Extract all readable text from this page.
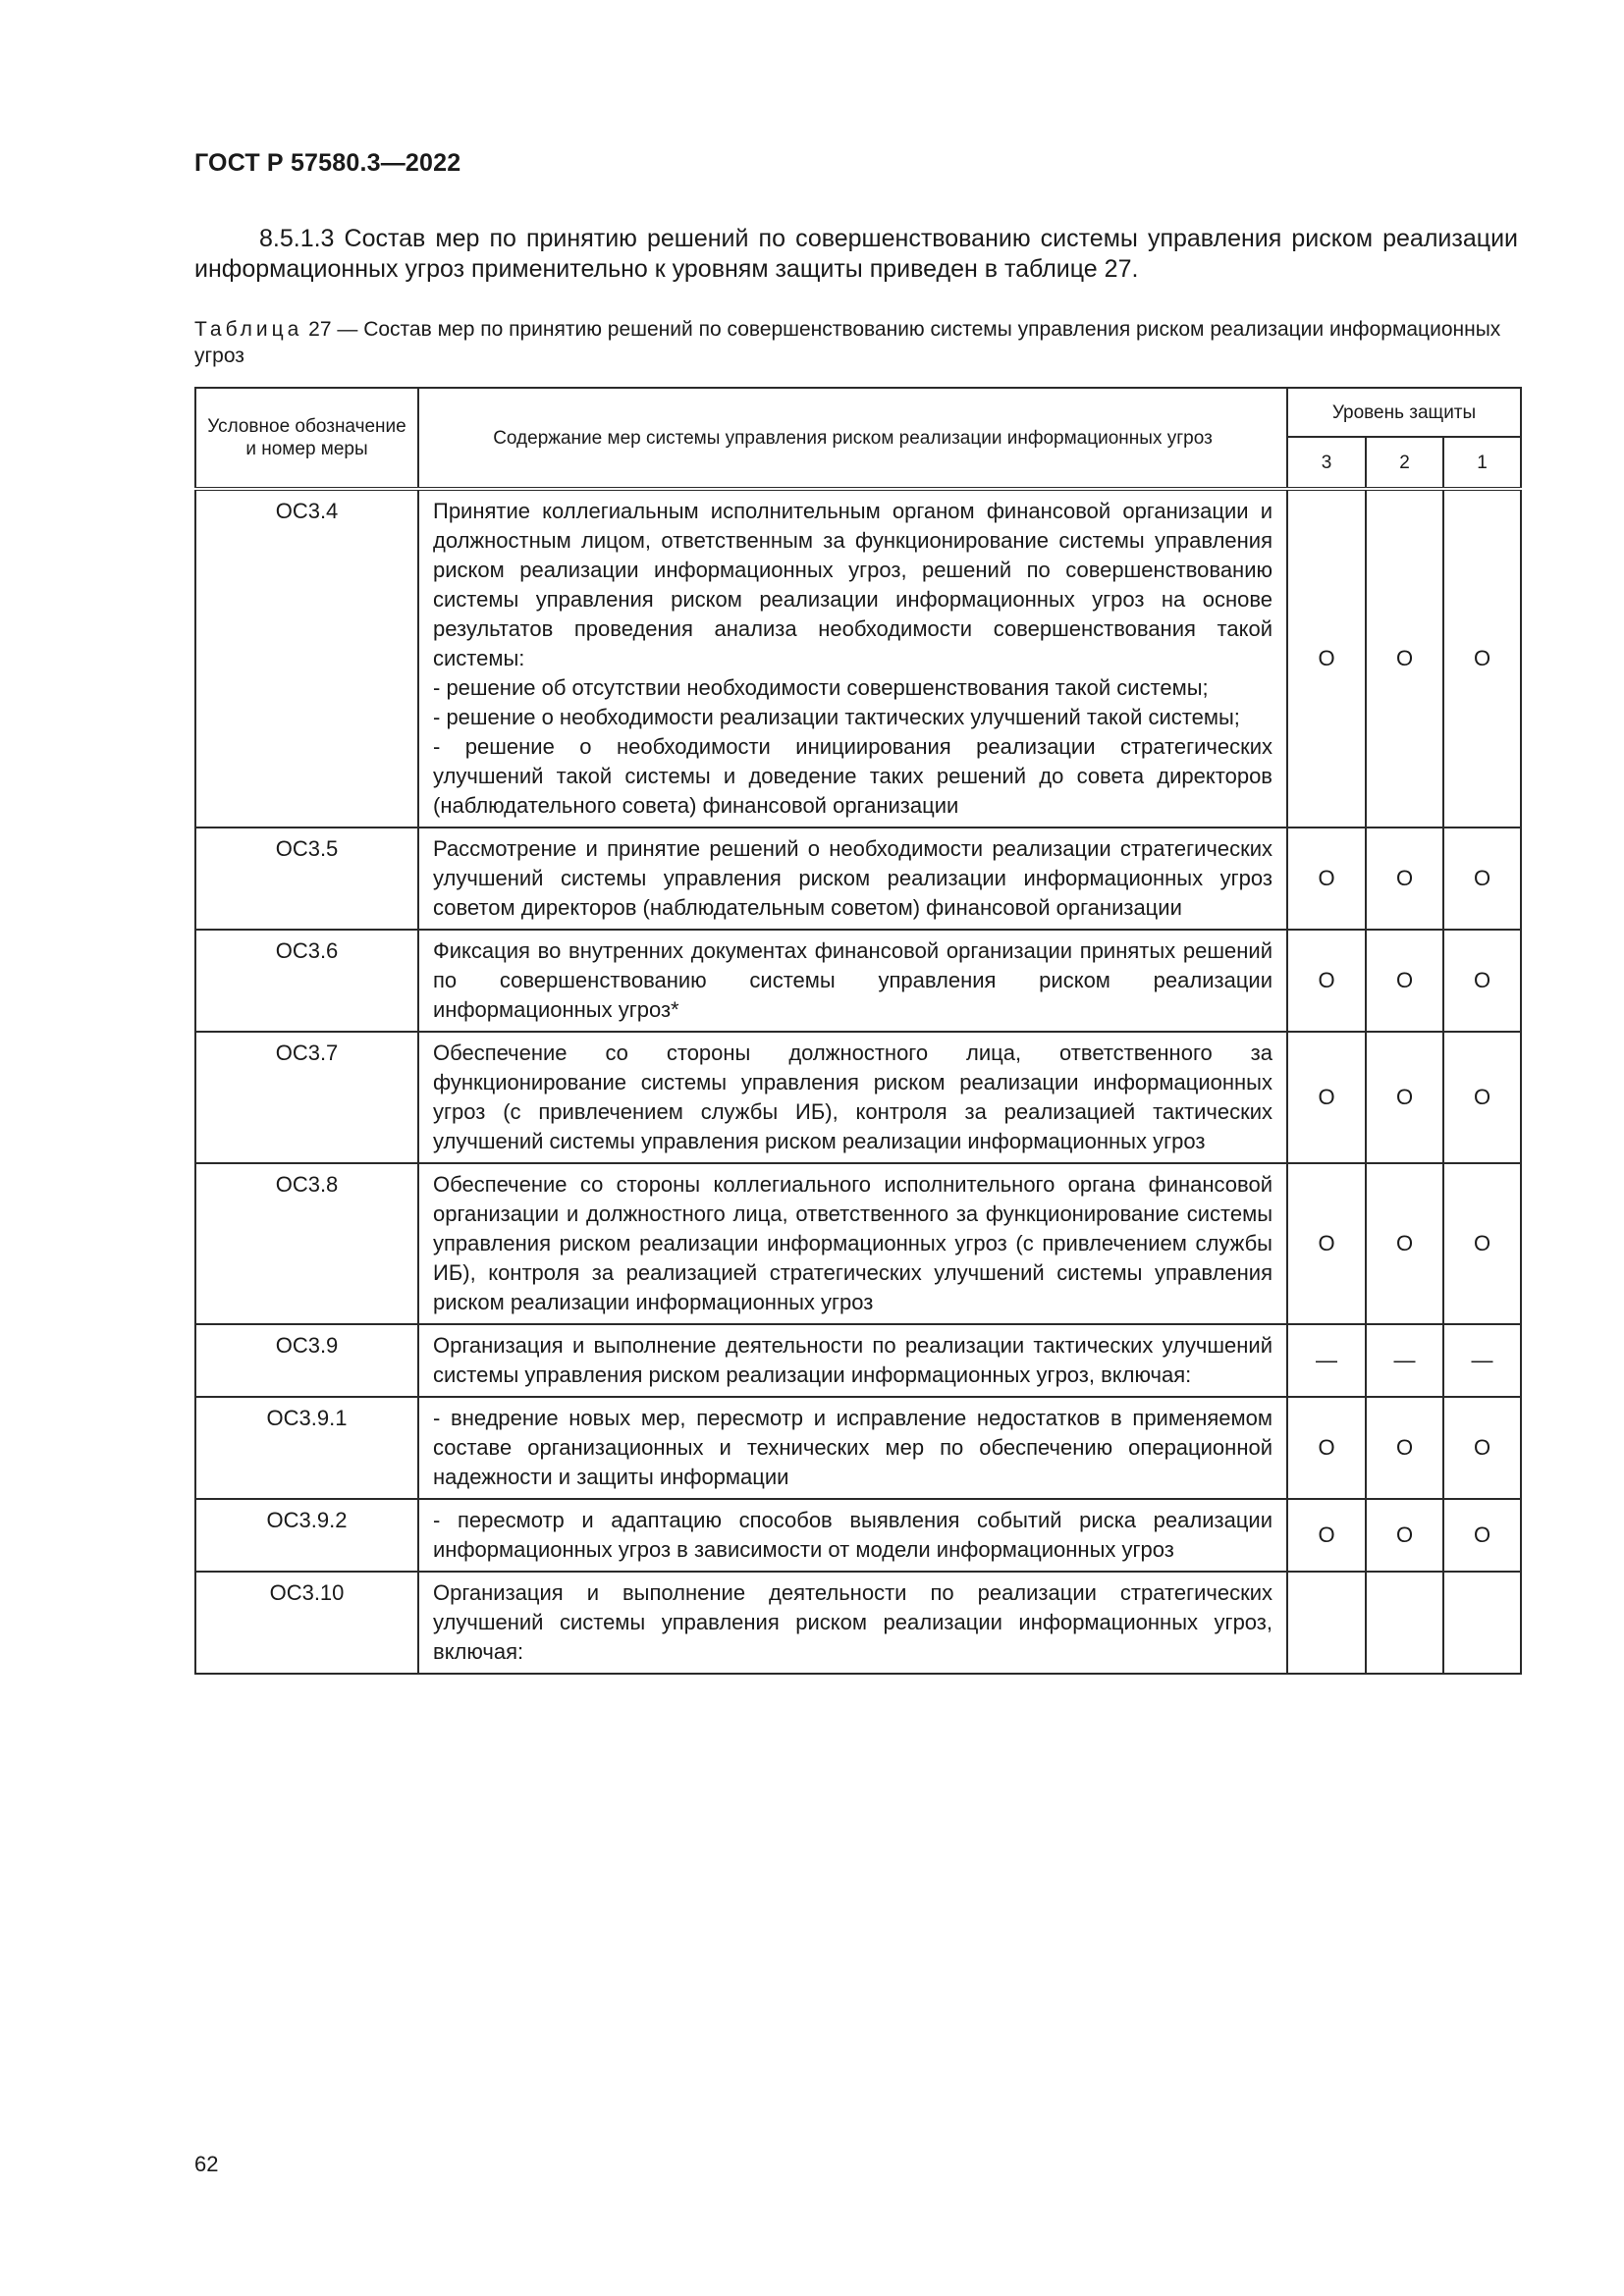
ГОСТ Р 57580.3—2022
8.5.1.3 Состав мер по принятию решений по совершенствованию системы управления риском реализации информационных угроз применительно к уровням защиты приведен в таблице 27.
Таблица 27 — Состав мер по принятию решений по совершенствованию системы управления риском реализации информационных угроз
Условное обозначение и номер меры	Содержание мер системы управления риском реализации информационных угроз	Уровень защиты		
		3	2	1
ОС3.4	Принятие коллегиальным исполнительным органом финансовой организации и должностным лицом, ответственным за функционирование системы управления риском реализации информационных угроз, решений по совершенствованию системы управления риском реализации информационных угроз на основе результатов проведения анализа необходимости совершенствования такой системы:
- решение об отсутствии необходимости совершенствования такой системы;
- решение о необходимости реализации тактических улучшений такой системы;
- решение о необходимости инициирования реализации стратегических улучшений такой системы и доведение таких решений до совета директоров (наблюдательного совета) финансовой организации	О	О	О
ОС3.5	Рассмотрение и принятие решений о необходимости реализации стратегических улучшений системы управления риском реализации информационных угроз советом директоров (наблюдательным советом) финансовой организации	О	О	О
ОС3.6	Фиксация во внутренних документах финансовой организации принятых решений по совершенствованию системы управления риском реализации информационных угроз*	О	О	О
ОС3.7	Обеспечение со стороны должностного лица, ответственного за функционирование системы управления риском реализации информационных угроз (с привлечением службы ИБ), контроля за реализацией тактических улучшений системы управления риском реализации информационных угроз	О	О	О
ОС3.8	Обеспечение со стороны коллегиального исполнительного органа финансовой организации и должностного лица, ответственного за функционирование системы управления риском реализации информационных угроз (с привлечением службы ИБ), контроля за реализацией стратегических улучшений системы управления риском реализации информационных угроз	О	О	О
ОС3.9	Организация и выполнение деятельности по реализации тактических улучшений системы управления риском реализации информационных угроз, включая:	—	—	—
ОС3.9.1	- внедрение новых мер, пересмотр и исправление недостатков в применяемом составе организационных и технических мер по обеспечению операционной надежности и защиты информации	О	О	О
ОС3.9.2	- пересмотр и адаптацию способов выявления событий риска реализации информационных угроз в зависимости от модели информационных угроз	О	О	О
ОС3.10	Организация и выполнение деятельности по реализации стратегических улучшений системы управления риском реализации информационных угроз, включая:			
62
